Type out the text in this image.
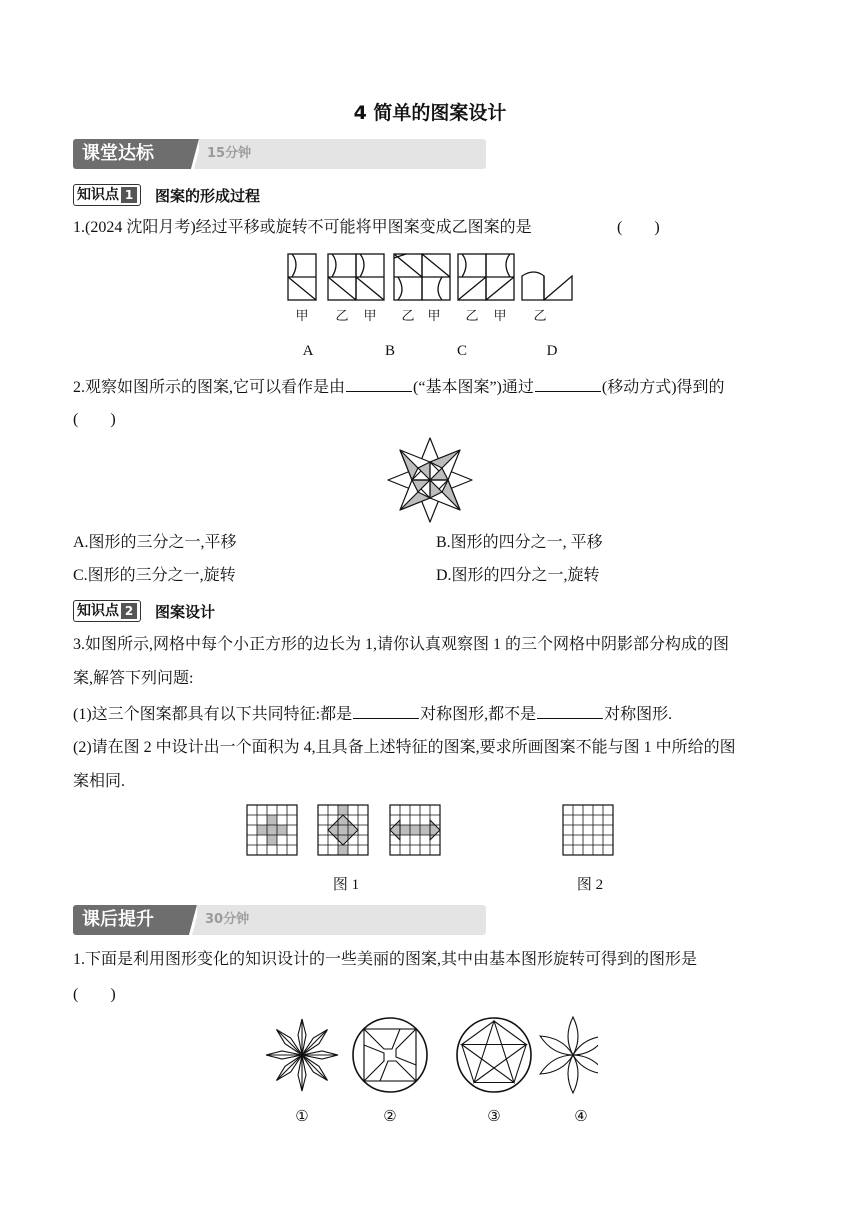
4 简单的图案设计
课堂达标	15分钟
知识点 1 图案的形成过程
1.(2024 沈阳月考)经过平移或旋转不可能将甲图案变成乙图案的是	(　　)
甲 乙 甲 乙 甲 乙 甲 乙
A	B	C	D
2.观察如图所示的图案,它可以看作是由	(“基本图案”)通过	(移动方式)得到的
(　　)
A.图形的三分之一,平移	B.图形的四分之一, 平移
C.图形的三分之一,旋转	D.图形的四分之一,旋转
知识点 2 图案设计
3.如图所示,网格中每个小正方形的边长为 1,请你认真观察图 1 的三个网格中阴影部分构成的图
案,解答下列问题:
(1)这三个图案都具有以下共同特征:都是	对称图形,都不是	对称图形.
(2)请在图 2 中设计出一个面积为 4,且具备上述特征的图案,要求所画图案不能与图 1 中所给的图
案相同.
图 1	图 2
课后提升	30分钟
1.下面是利用图形变化的知识设计的一些美丽的图案,其中由基本图形旋转可得到的图形是
(　　)
①	②	③	④
